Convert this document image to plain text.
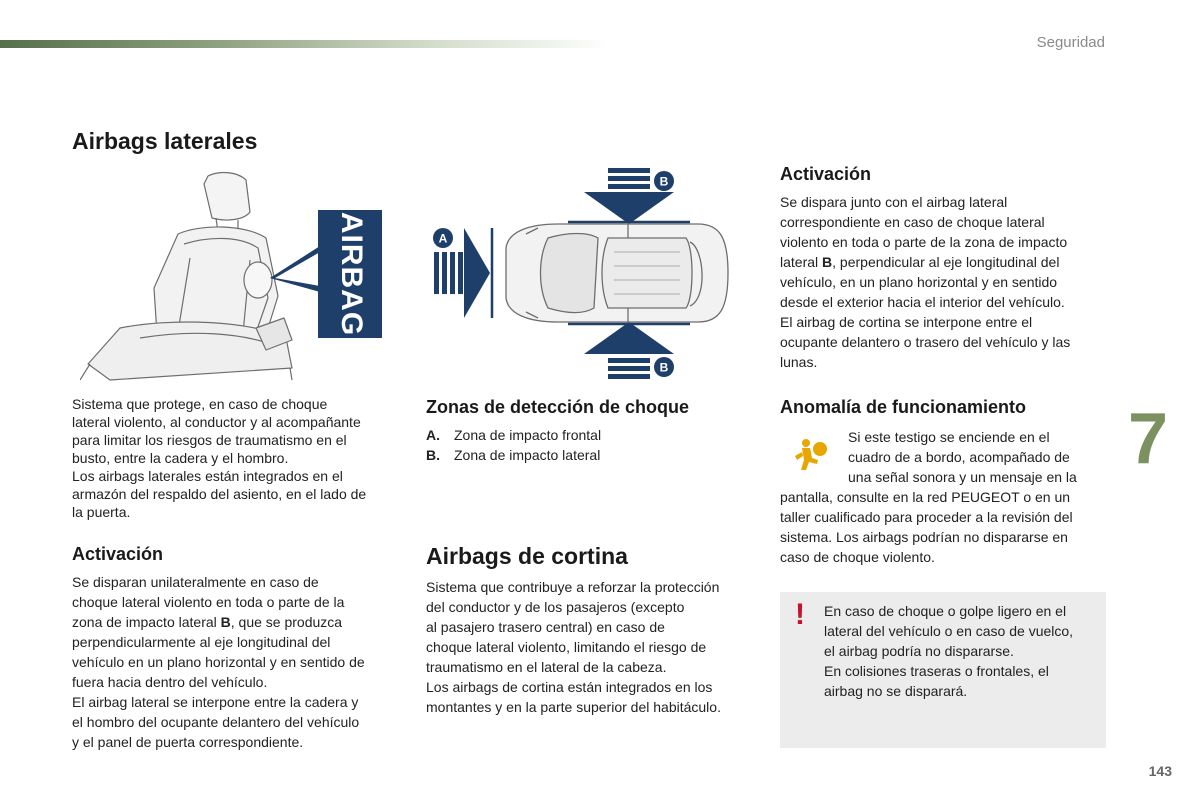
Seguridad
Airbags laterales
AIRBAG

Sistema que protege, en caso de choque

lateral violento, al conductor y al acompañante

para limitar los riesgos de traumatismo en el

busto, entre la cadera y el hombro.

Los airbags laterales están integrados en el

armazón del respaldo del asiento, en el lado de

la puerta.

Activación

Se disparan unilateralmente en caso de

choque lateral violento en toda o parte de la

zona de impacto lateral B, que se produzca

perpendicularmente al eje longitudinal del

vehículo en un plano horizontal y en sentido de

fuera hacia dentro del vehículo.

El airbag lateral se interpone entre la cadera y

el hombro del ocupante delantero del vehículo

y el panel de puerta correspondiente.

B
B
A
Zonas de detección de choque

A. Zona de impacto frontal

B. Zona de impacto lateral

Airbags de cortina

Sistema que contribuye a reforzar la protección

del conductor y de los pasajeros (excepto

al pasajero trasero central) en caso de

choque lateral violento, limitando el riesgo de

traumatismo en el lateral de la cabeza.

Los airbags de cortina están integrados en los

montantes y en la parte superior del habitáculo.

Activación

Se dispara junto con el airbag lateral

correspondiente en caso de choque lateral

violento en toda o parte de la zona de impacto

lateral B, perpendicular al eje longitudinal del

vehículo, en un plano horizontal y en sentido

desde el exterior hacia el interior del vehículo.

El airbag de cortina se interpone entre el

ocupante delantero o trasero del vehículo y las

lunas.

Anomalía de funcionamiento

Si este testigo se enciende en el

cuadro de a bordo, acompañado de

una señal sonora y un mensaje en la

pantalla, consulte en la red PEUGEOT o en un

taller cualificado para proceder a la revisión del

sistema. Los airbags podrían no dispararse en

caso de choque violento.

! En caso de choque o golpe ligero en el

lateral del vehículo o en caso de vuelco,

el airbag podría no dispararse.

En colisiones traseras o frontales, el

airbag no se disparará.

7
143
